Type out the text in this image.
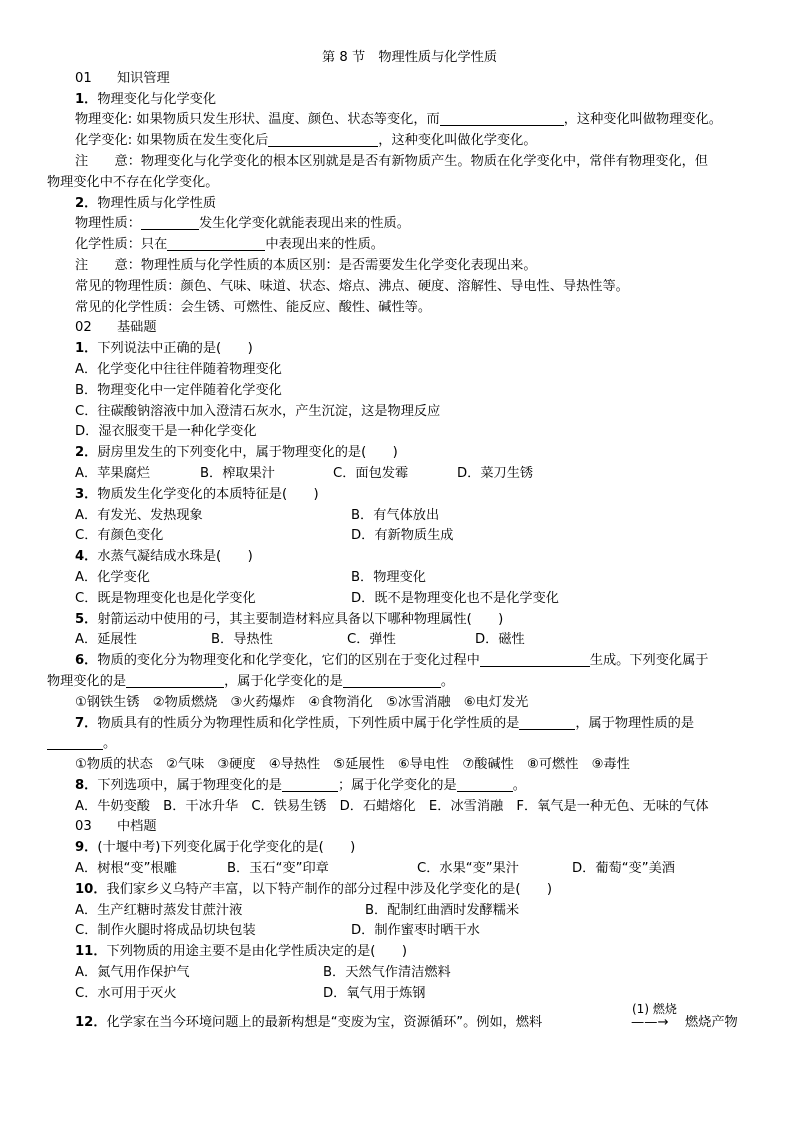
第 8 节　物理性质与化学性质
01 知识管理
1．物理变化与化学变化
物理变化: 如果物质只发生形状、温度、颜色、状态等变化，而	，这种变化叫做物理变化。
化学变化: 如果物质在发生变化后	，这种变化叫做化学变化。
注　　意：物理变化与化学变化的根本区别就是是否有新物质产生。物质在化学变化中，常伴有物理变化，但
物理变化中不存在化学变化。
2．物理性质与化学性质
物理性质：	发生化学变化就能表现出来的性质。
化学性质：只在	中表现出来的性质。
注　　意：物理性质与化学性质的本质区别：是否需要发生化学变化表现出来。
常见的物理性质：颜色、气味、味道、状态、熔点、沸点、硬度、溶解性、导电性、导热性等。
常见的化学性质：会生锈、可燃性、能反应、酸性、碱性等。
02 基础题
1．下列说法中正确的是(　　)
A．化学变化中往往伴随着物理变化
B．物理变化中一定伴随着化学变化
C．往碳酸钠溶液中加入澄清石灰水，产生沉淀，这是物理反应
D．湿衣服变干是一种化学变化
2．厨房里发生的下列变化中，属于物理变化的是(　　)
A．苹果腐烂	B．榨取果汁	C．面包发霉	D．菜刀生锈
3．物质发生化学变化的本质特征是(　　)
A．有发光、发热现象	B．有气体放出
C．有颜色变化	D．有新物质生成
4．水蒸气凝结成水珠是(　　)
A．化学变化	B．物理变化
C．既是物理变化也是化学变化	D．既不是物理变化也不是化学变化
5．射箭运动中使用的弓，其主要制造材料应具备以下哪种物理属性(　　)
A．延展性	B．导热性	C．弹性	D．磁性
6．物质的变化分为物理变化和化学变化，它们的区别在于变化过程中	生成。下列变化属于
物理变化的是	，属于化学变化的是	。
①钢铁生锈　②物质燃烧　③火药爆炸　④食物消化　⑤冰雪消融　⑥电灯发光
7．物质具有的性质分为物理性质和化学性质，下列性质中属于化学性质的是	，属于物理性质的是
。
①物质的状态　②气味　③硬度　④导热性　⑤延展性　⑥导电性　⑦酸碱性　⑧可燃性　⑨毒性
8．下列选项中，属于物理变化的是	；属于化学变化的是	。
A．牛奶变酸　B．干冰升华　C．铁易生锈　D．石蜡熔化　E．冰雪消融　F．氧气是一种无色、无味的气体
03 中档题
9．(十堰中考)下列变化属于化学变化的是(　　)
A．树根“变”根雕	B．玉石“变”印章	C．水果“变”果汁	D．葡萄“变”美酒
10．我们家乡义乌特产丰富，以下特产制作的部分过程中涉及化学变化的是(　　)
A．生产红糖时蒸发甘蔗汁液	B．配制红曲酒时发酵糯米
C．制作火腿时将成品切块包装	D．制作蜜枣时晒干水
11．下列物质的用途主要不是由化学性质决定的是(　　)
A．氮气用作保护气	B．天然气作清洁燃料
C．水可用于灭火	D．氧气用于炼钢
12．化学家在当今环境问题上的最新构想是“变废为宝，资源循环”。例如，燃料
(1) 燃烧
——→ 燃烧产物
